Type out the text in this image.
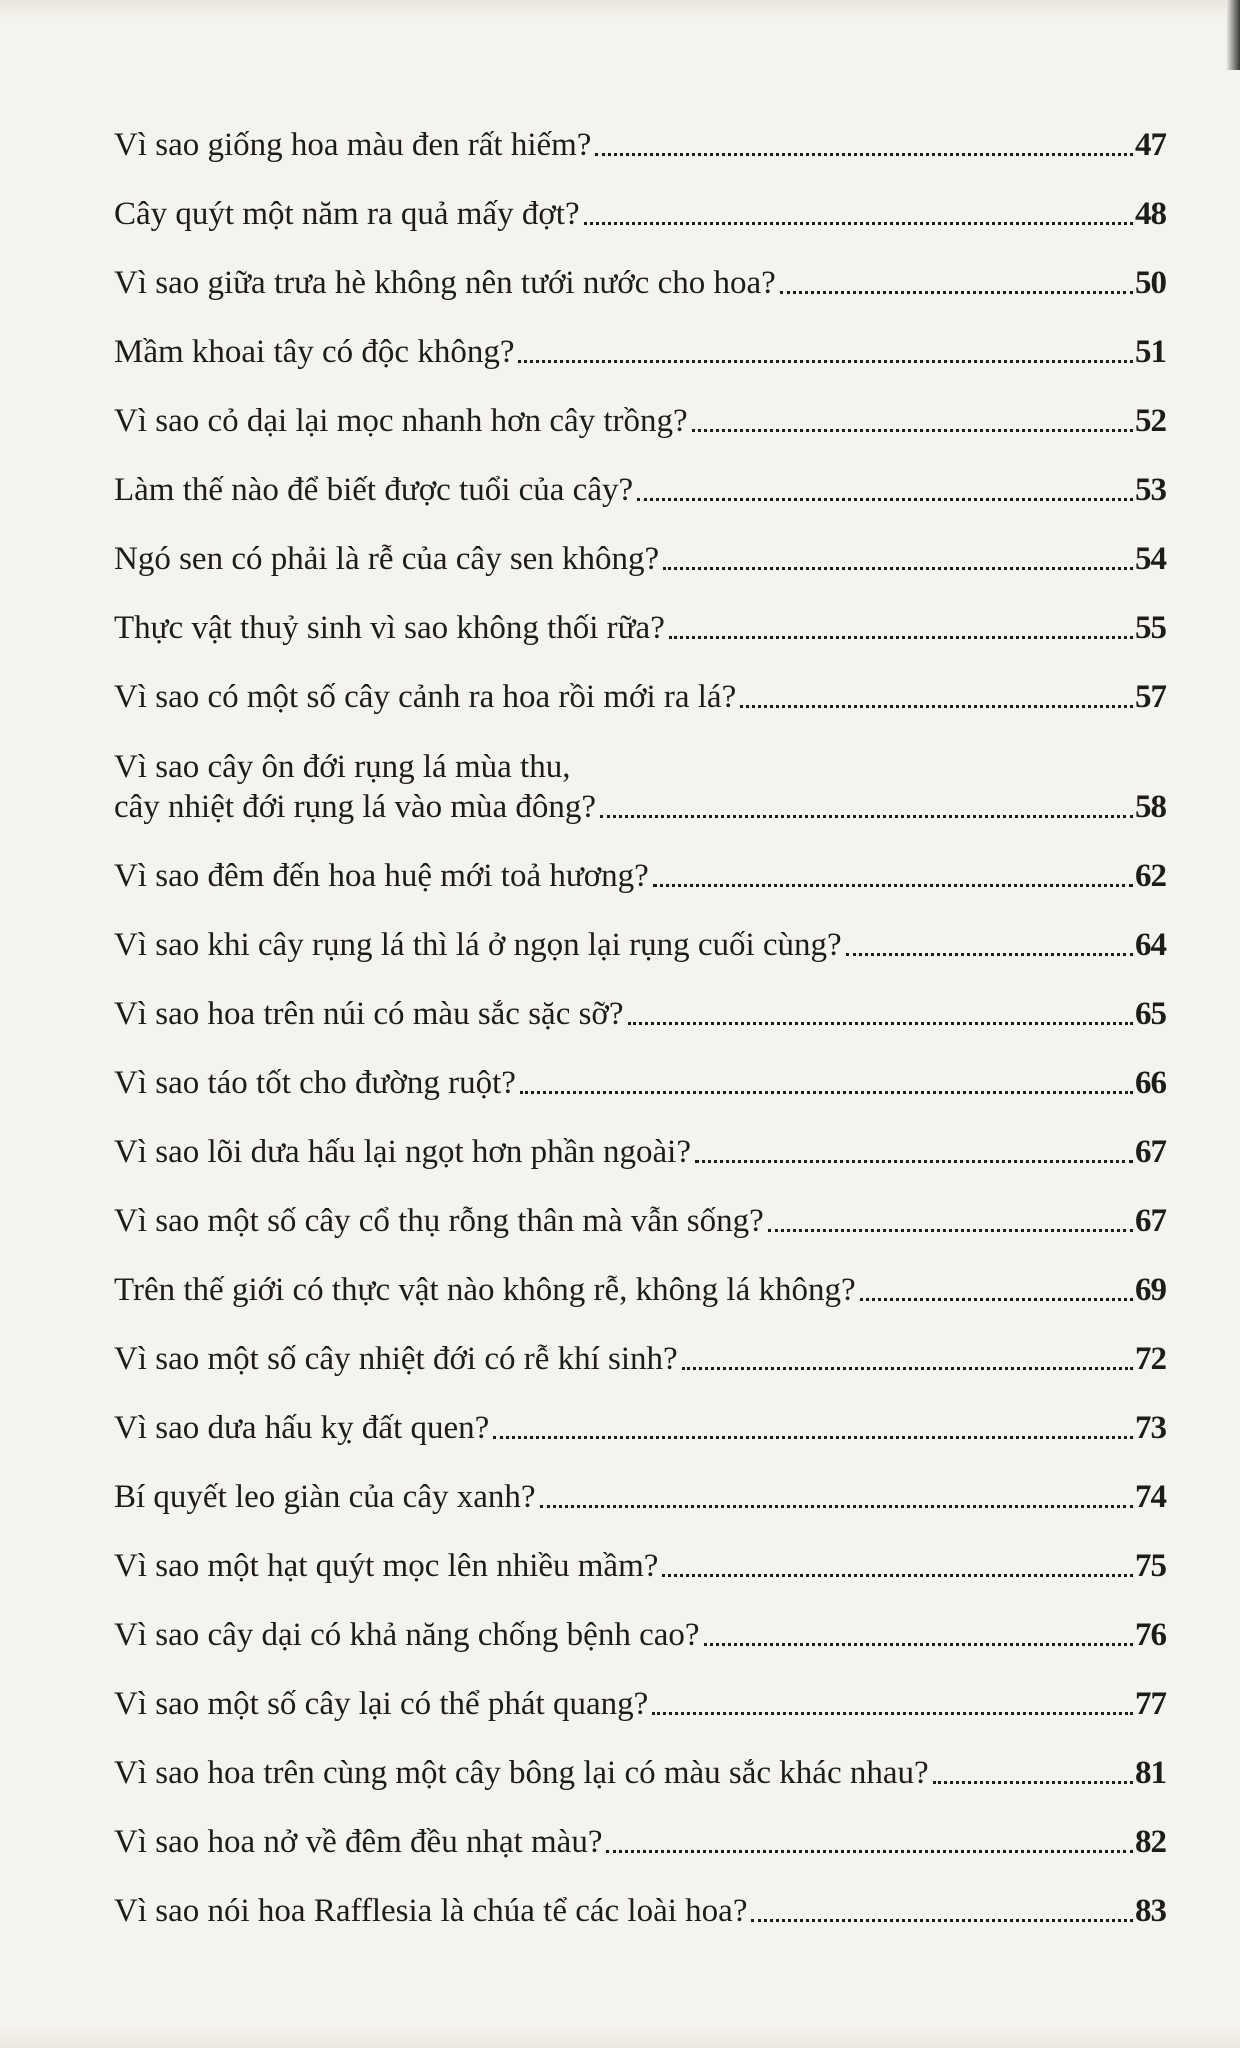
Vì sao giống hoa màu đen rất hiếm?	47
Cây quýt một năm ra quả mấy đợt?	48
Vì sao giữa trưa hè không nên tưới nước cho hoa?	50
Mầm khoai tây có độc không?	51
Vì sao cỏ dại lại mọc nhanh hơn cây trồng?	52
Làm thế nào để biết được tuổi của cây?	53
Ngó sen có phải là rễ của cây sen không?	54
Thực vật thuỷ sinh vì sao không thối rữa?	55
Vì sao có một số cây cảnh ra hoa rồi mới ra lá?	57
Vì sao cây ôn đới rụng lá mùa thu,
cây nhiệt đới rụng lá vào mùa đông?	58
Vì sao đêm đến hoa huệ mới toả hương?	62
Vì sao khi cây rụng lá thì lá ở ngọn lại rụng cuối cùng?	64
Vì sao hoa trên núi có màu sắc sặc sỡ?	65
Vì sao táo tốt cho đường ruột?	66
Vì sao lõi dưa hấu lại ngọt hơn phần ngoài?	67
Vì sao một số cây cổ thụ rỗng thân mà vẫn sống?	67
Trên thế giới có thực vật nào không rễ, không lá không?	69
Vì sao một số cây nhiệt đới có rễ khí sinh?	72
Vì sao dưa hấu kỵ đất quen?	73
Bí quyết leo giàn của cây xanh?	74
Vì sao một hạt quýt mọc lên nhiều mầm?	75
Vì sao cây dại có khả năng chống bệnh cao?	76
Vì sao một số cây lại có thể phát quang?	77
Vì sao hoa trên cùng một cây bông lại có màu sắc khác nhau?	81
Vì sao hoa nở về đêm đều nhạt màu?	82
Vì sao nói hoa Rafflesia là chúa tể các loài hoa?	83
